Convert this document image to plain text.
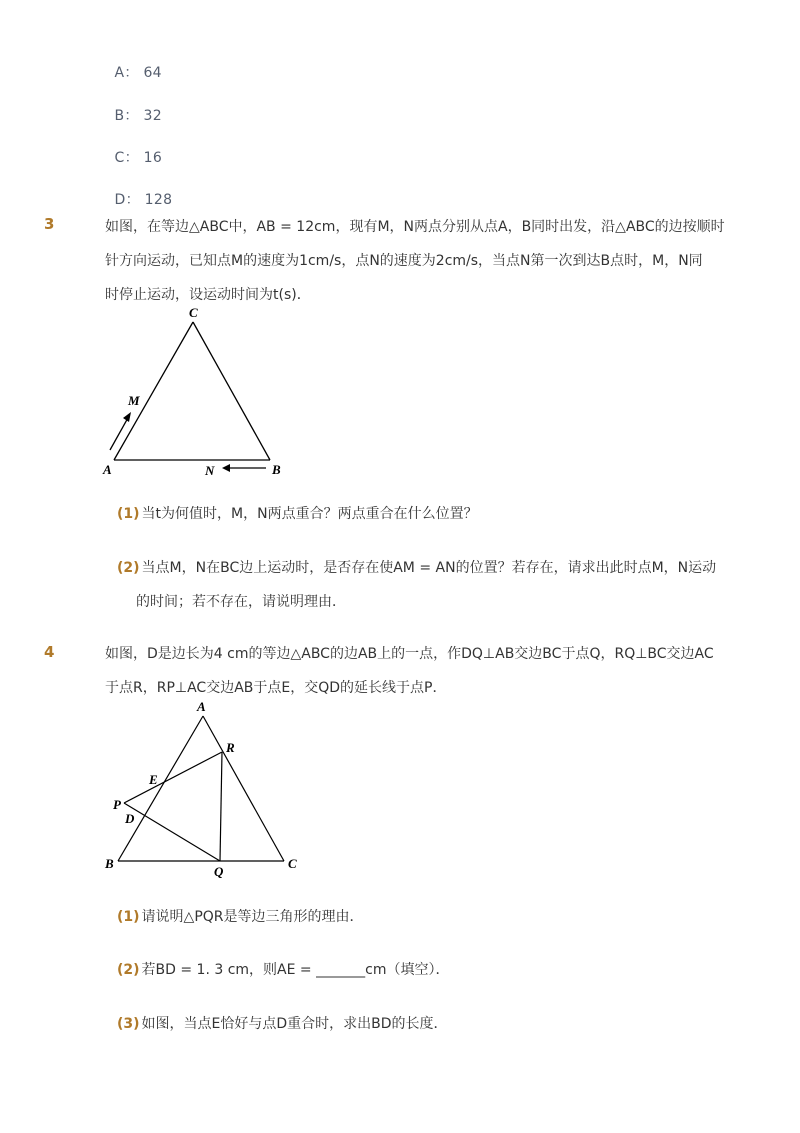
A： 64

B： 32

C： 16

D： 128

3	如图，在等边△ABC中，AB = 12cm，现有M，N两点分别从点A，B同时出发，沿△ABC的边按顺时
针方向运动，已知点M的速度为1cm/s，点N的速度为2cm/s，当点N第一次到达B点时，M，N同
时停止运动，设运动时间为t(s)．
C
A	B
M
N
(1) 当t为何值时，M，N两点重合？两点重合在什么位置？
(2) 当点M，N在BC边上运动时，是否存在使AM = AN的位置？若存在，请求出此时点M，N运动
的时间；若不存在，请说明理由．
4	如图，D是边长为4 cm的等边△ABC的边AB上的一点，作DQ⊥AB交边BC于点Q，RQ⊥BC交边AC
于点R，RP⊥AC交边AB于点E，交QD的延长线于点P．
A
R
E
P
D
B
Q
C
(1) 请说明△PQR是等边三角形的理由．
(2) 若BD = 1. 3 cm，则AE = _______cm（填空）．
(3) 如图，当点E恰好与点D重合时，求出BD的长度．
